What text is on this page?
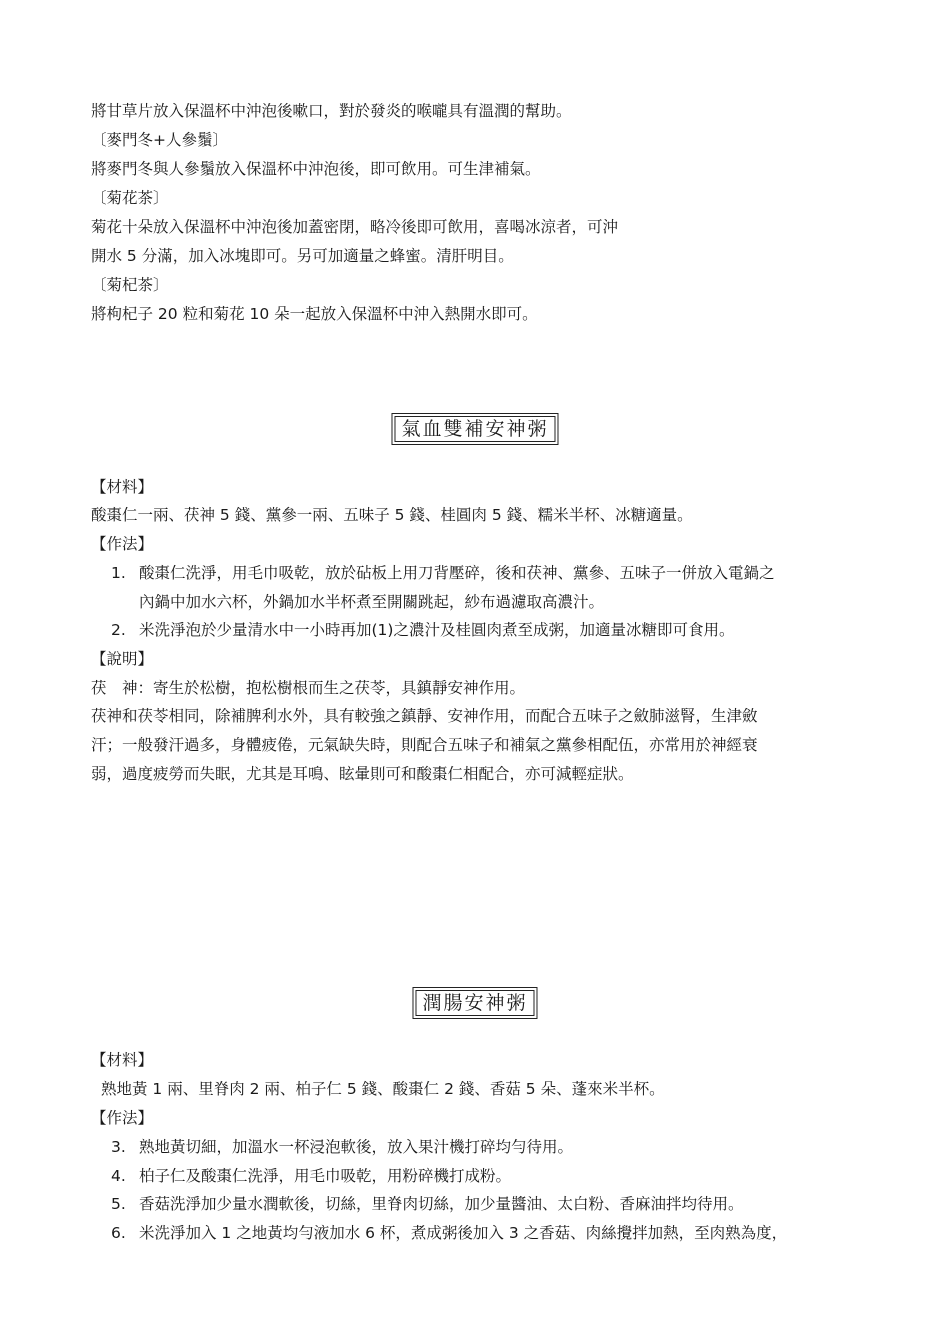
將甘草片放入保溫杯中沖泡後嗽口，對於發炎的喉嚨具有溫潤的幫助。
〔麥門冬+人參鬚〕
將麥門冬與人參鬚放入保溫杯中沖泡後，即可飲用。可生津補氣。
〔菊花茶〕
菊花十朵放入保溫杯中沖泡後加蓋密閉，略冷後即可飲用，喜喝冰涼者，可沖
開水 5 分滿，加入冰塊即可。另可加適量之蜂蜜。清肝明目。
〔菊杞茶〕
將枸杞子 20 粒和菊花 10 朵一起放入保溫杯中沖入熱開水即可。
氣血雙補安神粥
【材料】
酸棗仁一兩、茯神 5 錢、黨參一兩、五味子 5 錢、桂圓肉 5 錢、糯米半杯、冰糖適量。
【作法】
1. 酸棗仁洗淨，用毛巾吸乾，放於砧板上用刀背壓碎，後和茯神、黨參、五味子一併放入電鍋之
內鍋中加水六杯，外鍋加水半杯煮至開關跳起，紗布過濾取高濃汁。
2. 米洗淨泡於少量清水中一小時再加(1)之濃汁及桂圓肉煮至成粥，加適量冰糖即可食用。
【說明】
茯　神：寄生於松樹，抱松樹根而生之茯苓，具鎮靜安神作用。
茯神和茯苓相同，除補脾利水外，具有較強之鎮靜、安神作用，而配合五味子之斂肺滋腎，生津斂
汗；一般發汗過多，身體疲倦，元氣缺失時，則配合五味子和補氣之黨參相配伍，亦常用於神經衰
弱，過度疲勞而失眠，尤其是耳鳴、眩暈則可和酸棗仁相配合，亦可減輕症狀。
潤腸安神粥
【材料】
熟地黃 1 兩、里脊肉 2 兩、柏子仁 5 錢、酸棗仁 2 錢、香菇 5 朵、蓬來米半杯。
【作法】
3. 熟地黃切細，加溫水一杯浸泡軟後，放入果汁機打碎均勻待用。
4. 柏子仁及酸棗仁洗淨，用毛巾吸乾，用粉碎機打成粉。
5. 香菇洗淨加少量水潤軟後，切絲，里脊肉切絲，加少量醬油、太白粉、香麻油拌均待用。
6. 米洗淨加入 1 之地黃均勻液加水 6 杯，煮成粥後加入 3 之香菇、肉絲攪拌加熱，至肉熟為度，
